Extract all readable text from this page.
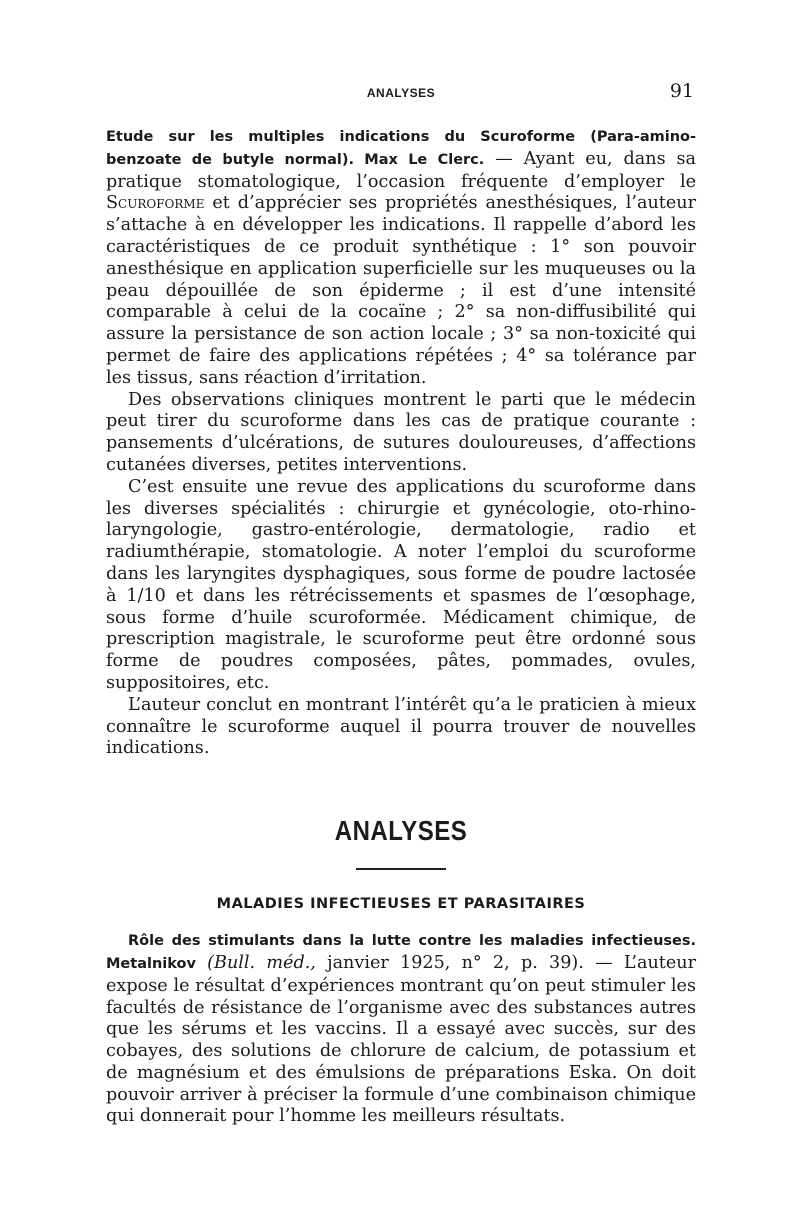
ANALYSES	91

Etude sur les multiples indications du Scuroforme (Para-amino-benzoate de butyle normal). Max Le Clerc. — Ayant eu, dans sa pratique stomatologique, l’occasion fréquente d’employer le Scuroforme et d’apprécier ses propriétés anesthésiques, l’auteur s’attache à en développer les indications. Il rappelle d’abord les caractéristiques de ce produit synthétique : 1° son pouvoir anesthésique en application superficielle sur les muqueuses ou la peau dépouillée de son épiderme ; il est d’une intensité comparable à celui de la cocaïne ; 2° sa non-diffusibilité qui assure la persistance de son action locale ; 3° sa non-toxicité qui permet de faire des applications répétées ; 4° sa tolérance par les tissus, sans réaction d’irritation.

Des observations cliniques montrent le parti que le médecin peut tirer du scuroforme dans les cas de pratique courante : pansements d’ulcérations, de sutures douloureuses, d’affections cutanées diverses, petites interventions.

C’est ensuite une revue des applications du scuroforme dans les diverses spécialités : chirurgie et gynécologie, oto-rhino-laryngologie, gastro-entérologie, dermatologie, radio et radiumthérapie, stomatologie. A noter l’emploi du scuroforme dans les laryngites dysphagiques, sous forme de poudre lactosée à 1/10 et dans les rétrécissements et spasmes de l’œsophage, sous forme d’huile scuroformée. Médicament chimique, de prescription magistrale, le scuroforme peut être ordonné sous forme de poudres composées, pâtes, pommades, ovules, suppositoires, etc.

L’auteur conclut en montrant l’intérêt qu’a le praticien à mieux connaître le scuroforme auquel il pourra trouver de nouvelles indications.

ANALYSES
MALADIES INFECTIEUSES ET PARASITAIRES

Rôle des stimulants dans la lutte contre les maladies infectieuses. Metalnikov (Bull. méd., janvier 1925, n° 2, p. 39). — L’auteur expose le résultat d’expériences montrant qu’on peut stimuler les facultés de résistance de l’organisme avec des substances autres que les sérums et les vaccins. Il a essayé avec succès, sur des cobayes, des solutions de chlorure de calcium, de potassium et de magnésium et des émulsions de préparations Eska. On doit pouvoir arriver à préciser la formule d’une combinaison chimique qui donnerait pour l’homme les meilleurs résultats.
